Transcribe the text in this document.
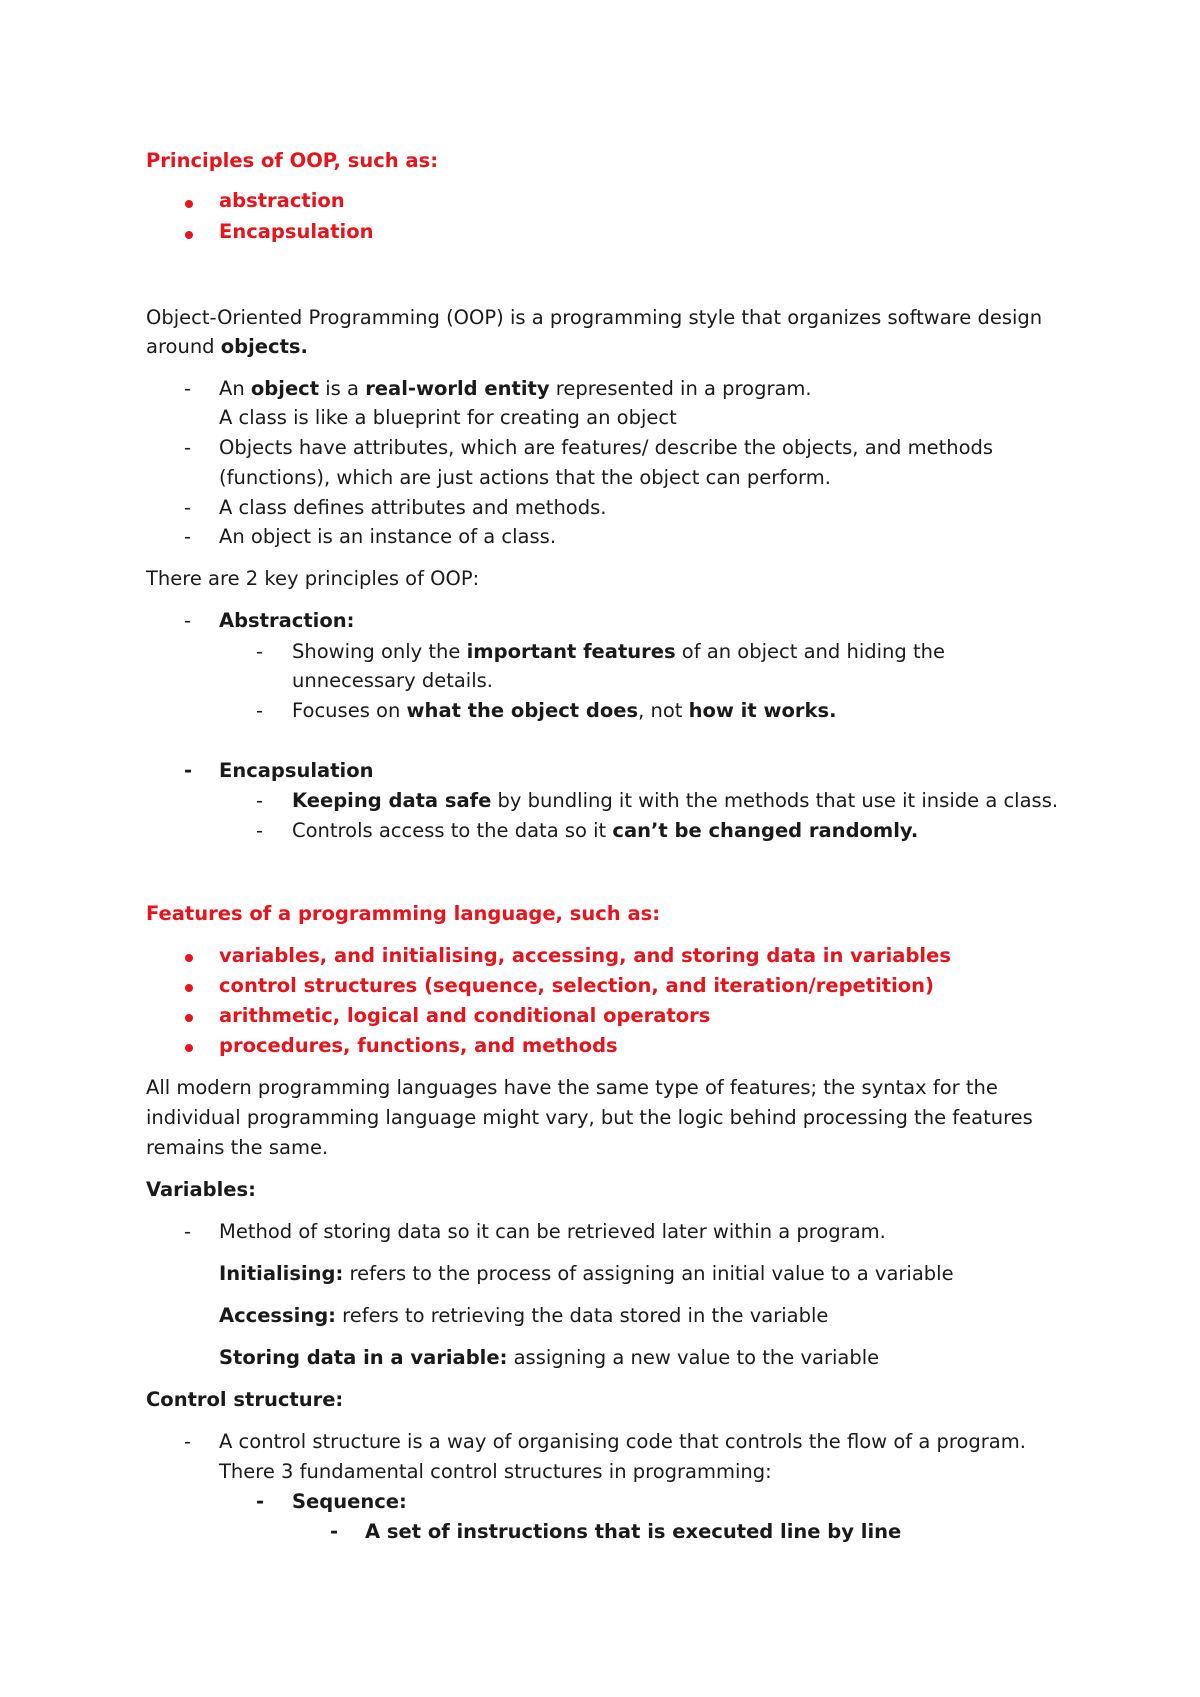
Principles of OOP, such as:
abstraction
Encapsulation
Object-Oriented Programming (OOP) is a programming style that organizes software design
around objects.
- An object is a real-world entity represented in a program.
A class is like a blueprint for creating an object
- Objects have attributes, which are features/ describe the objects, and methods
(functions), which are just actions that the object can perform.
- A class defines attributes and methods.
- An object is an instance of a class.
There are 2 key principles of OOP:
- Abstraction:
- Showing only the important features of an object and hiding the
unnecessary details.
- Focuses on what the object does, not how it works.
- Encapsulation
- Keeping data safe by bundling it with the methods that use it inside a class.
- Controls access to the data so it can’t be changed randomly.
Features of a programming language, such as:
variables, and initialising, accessing, and storing data in variables
control structures (sequence, selection, and iteration/repetition)
arithmetic, logical and conditional operators
procedures, functions, and methods
All modern programming languages have the same type of features; the syntax for the
individual programming language might vary, but the logic behind processing the features
remains the same.
Variables:
- Method of storing data so it can be retrieved later within a program.
Initialising: refers to the process of assigning an initial value to a variable
Accessing: refers to retrieving the data stored in the variable
Storing data in a variable: assigning a new value to the variable
Control structure:
- A control structure is a way of organising code that controls the flow of a program.
There 3 fundamental control structures in programming:
- Sequence:
- A set of instructions that is executed line by line
